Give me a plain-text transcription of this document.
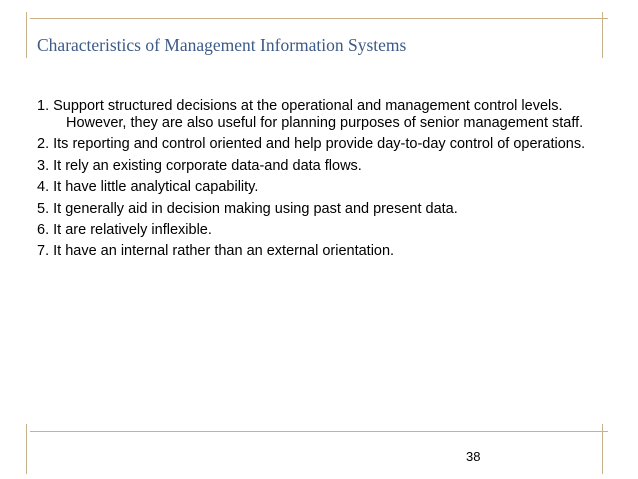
Characteristics of Management Information Systems
1. Support structured decisions at the operational and management control levels. However, they are also useful for planning purposes of senior management staff.
2. Its reporting and control oriented and help provide day-to-day control of operations.
3. It rely an existing corporate data-and data flows.
4. It have little analytical capability.
5. It generally aid in decision making using past and present data.
6. It are relatively inflexible.
7. It have an internal rather than an external orientation.
38
